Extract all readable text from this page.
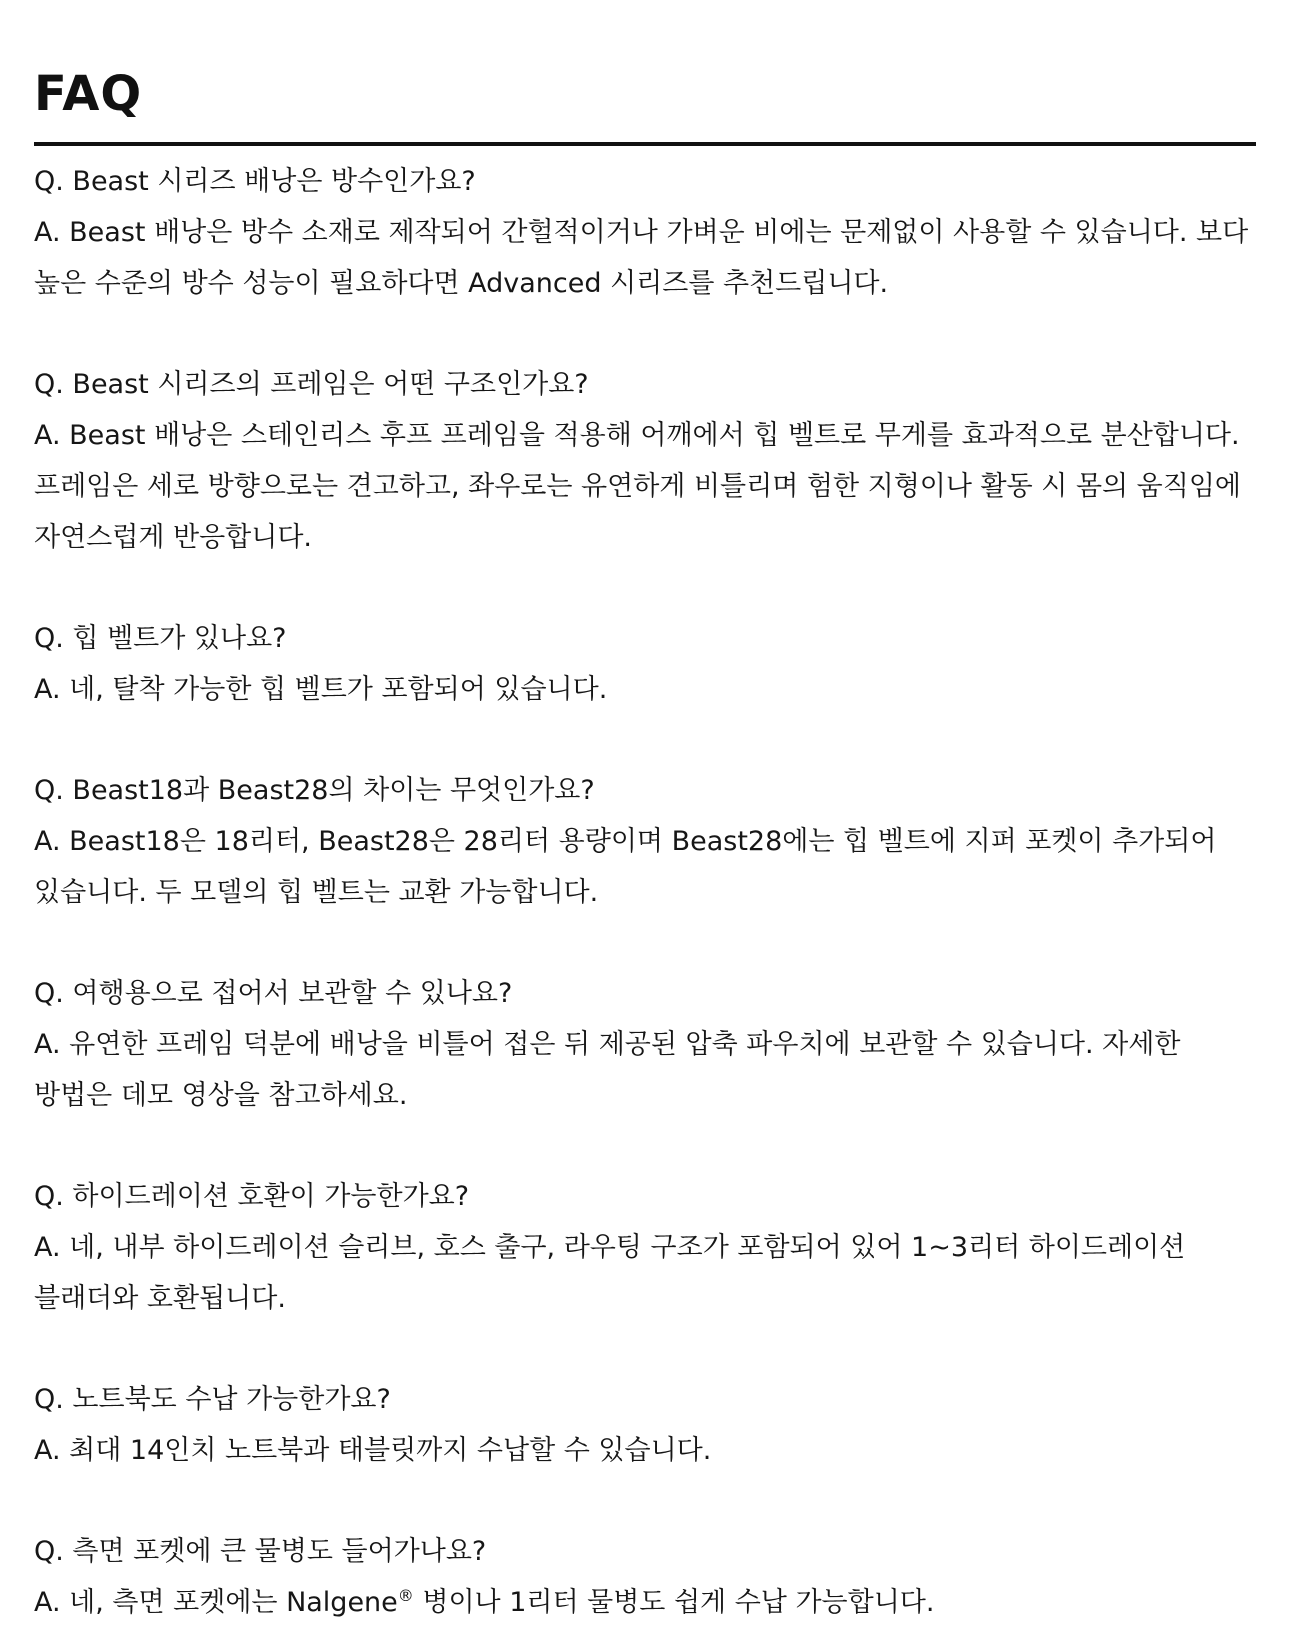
FAQ

Q. Beast 시리즈 배낭은 방수인가요?

A. Beast 배낭은 방수 소재로 제작되어 간헐적이거나 가벼운 비에는 문제없이 사용할 수 있습니다. 보다 높은 수준의 방수 성능이 필요하다면 Advanced 시리즈를 추천드립니다.

Q. Beast 시리즈의 프레임은 어떤 구조인가요?

A. Beast 배낭은 스테인리스 후프 프레임을 적용해 어깨에서 힙 벨트로 무게를 효과적으로 분산합니다. 프레임은 세로 방향으로는 견고하고, 좌우로는 유연하게 비틀리며 험한 지형이나 활동 시 몸의 움직임에 자연스럽게 반응합니다.

Q. 힙 벨트가 있나요?

A. 네, 탈착 가능한 힙 벨트가 포함되어 있습니다.

Q. Beast18과 Beast28의 차이는 무엇인가요?

A. Beast18은 18리터, Beast28은 28리터 용량이며 Beast28에는 힙 벨트에 지퍼 포켓이 추가되어 있습니다. 두 모델의 힙 벨트는 교환 가능합니다.

Q. 여행용으로 접어서 보관할 수 있나요?

A. 유연한 프레임 덕분에 배낭을 비틀어 접은 뒤 제공된 압축 파우치에 보관할 수 있습니다. 자세한 방법은 데모 영상을 참고하세요.

Q. 하이드레이션 호환이 가능한가요?

A. 네, 내부 하이드레이션 슬리브, 호스 출구, 라우팅 구조가 포함되어 있어 1~3리터 하이드레이션 블래더와 호환됩니다.

Q. 노트북도 수납 가능한가요?

A. 최대 14인치 노트북과 태블릿까지 수납할 수 있습니다.

Q. 측면 포켓에 큰 물병도 들어가나요?

A. 네, 측면 포켓에는 Nalgene® 병이나 1리터 물병도 쉽게 수납 가능합니다.
